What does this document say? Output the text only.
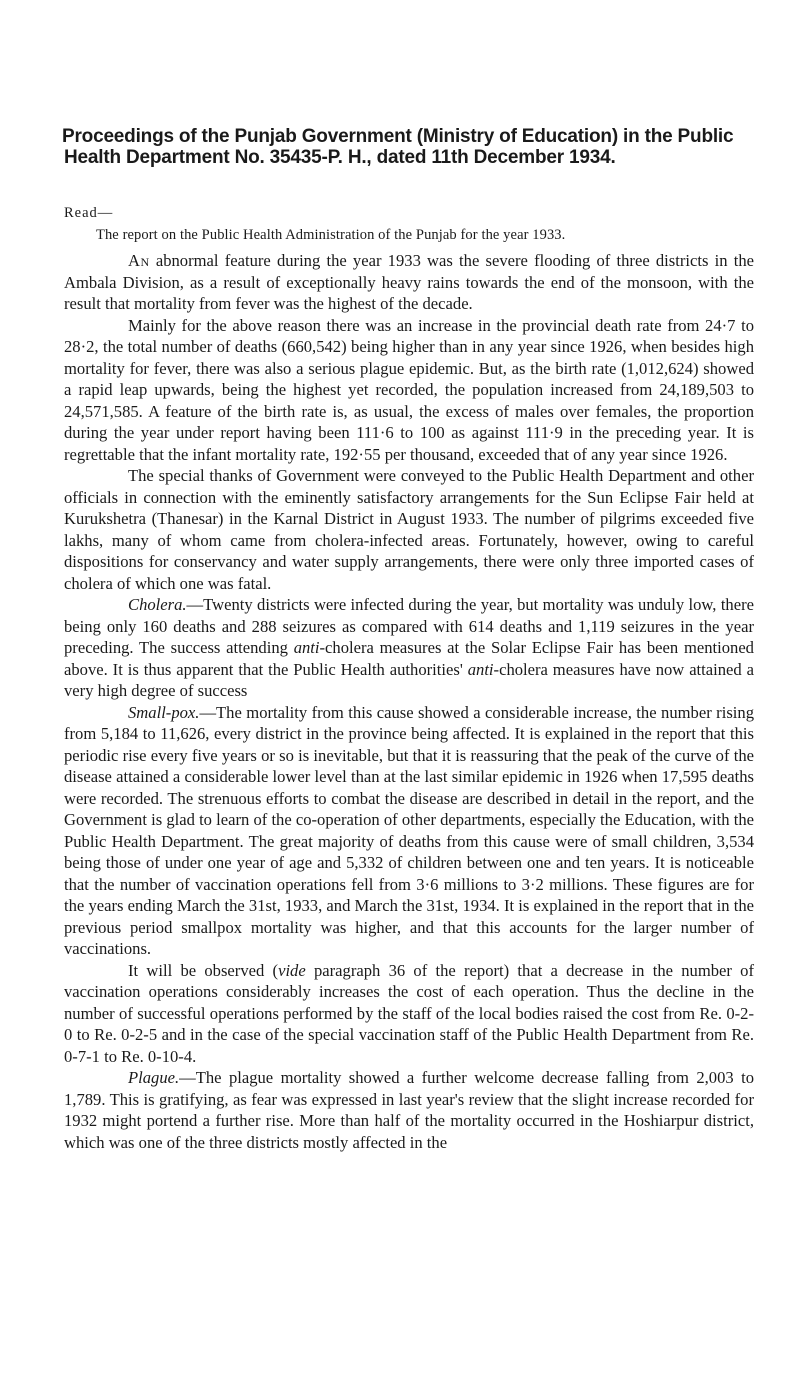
Proceedings of the Punjab Government (Ministry of Education) in the Public Health Department No. 35435-P. H., dated 11th December 1934.
Read—
The report on the Public Health Administration of the Punjab for the year 1933.

An abnormal feature during the year 1933 was the severe flooding of three districts in the Ambala Division, as a result of exceptionally heavy rains towards the end of the monsoon, with the result that mortality from fever was the highest of the decade.

Mainly for the above reason there was an increase in the provincial death rate from 24·7 to 28·2, the total number of deaths (660,542) being higher than in any year since 1926, when besides high mortality for fever, there was also a serious plague epidemic. But, as the birth rate (1,012,624) showed a rapid leap upwards, being the highest yet recorded, the population increased from 24,189,503 to 24,571,585. A feature of the birth rate is, as usual, the excess of males over females, the proportion during the year under report having been 111·6 to 100 as against 111·9 in the preceding year. It is regrettable that the infant mortality rate, 192·55 per thousand, exceeded that of any year since 1926.

The special thanks of Government were conveyed to the Public Health Department and other officials in connection with the eminently satisfactory arrangements for the Sun Eclipse Fair held at Kurukshetra (Thanesar) in the Karnal District in August 1933. The number of pilgrims exceeded five lakhs, many of whom came from cholera-infected areas. Fortunately, however, owing to careful dispositions for conservancy and water supply arrangements, there were only three imported cases of cholera of which one was fatal.

Cholera.—Twenty districts were infected during the year, but mortality was unduly low, there being only 160 deaths and 288 seizures as compared with 614 deaths and 1,119 seizures in the year preceding. The success attending anti-cholera measures at the Solar Eclipse Fair has been mentioned above. It is thus apparent that the Public Health authorities' anti-cholera measures have now attained a very high degree of success

Small-pox.—The mortality from this cause showed a considerable increase, the number rising from 5,184 to 11,626, every district in the province being affected. It is explained in the report that this periodic rise every five years or so is inevitable, but that it is reassuring that the peak of the curve of the disease attained a considerable lower level than at the last similar epidemic in 1926 when 17,595 deaths were recorded. The strenuous efforts to combat the disease are described in detail in the report, and the Government is glad to learn of the co-operation of other departments, especially the Education, with the Public Health Department. The great majority of deaths from this cause were of small children, 3,534 being those of under one year of age and 5,332 of children between one and ten years. It is noticeable that the number of vaccination operations fell from 3·6 millions to 3·2 millions. These figures are for the years ending March the 31st, 1933, and March the 31st, 1934. It is explained in the report that in the previous period smallpox mortality was higher, and that this accounts for the larger number of vaccinations.

It will be observed (vide paragraph 36 of the report) that a decrease in the number of vaccination operations considerably increases the cost of each operation. Thus the decline in the number of successful operations performed by the staff of the local bodies raised the cost from Re. 0-2-0 to Re. 0-2-5 and in the case of the special vaccination staff of the Public Health Department from Re. 0-7-1 to Re. 0-10-4.

Plague.—The plague mortality showed a further welcome decrease falling from 2,003 to 1,789. This is gratifying, as fear was expressed in last year's review that the slight increase recorded for 1932 might portend a further rise. More than half of the mortality occurred in the Hoshiarpur district, which was one of the three districts mostly affected in the
